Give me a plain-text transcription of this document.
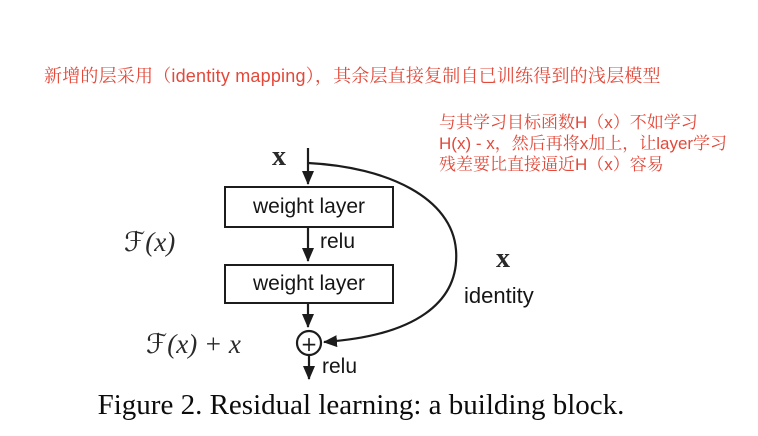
新增的层采用（identity mapping），其余层直接复制自已训练得到的浅层模型
与其学习目标函数H（x）不如学习
H(x) - x，然后再将x加上，让layer学习
残差要比直接逼近H（x）容易
+
x
weight layer
relu
weight layer
ℱ(x)
ℱ(x) + x
x
identity
relu
Figure 2. Residual learning: a building block.
